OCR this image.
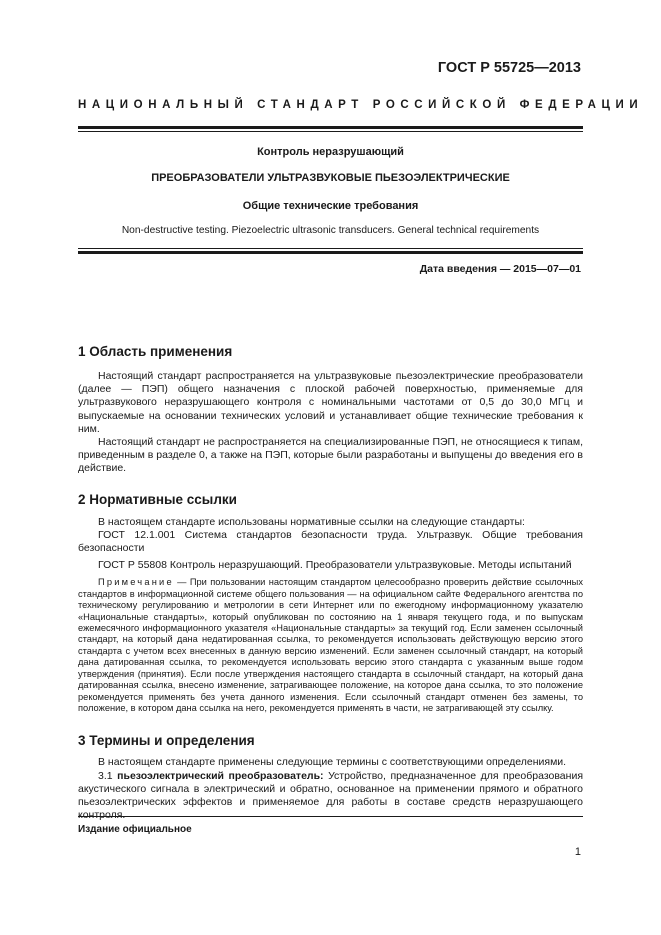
ГОСТ Р 55725—2013
НАЦИОНАЛЬНЫЙ СТАНДАРТ РОССИЙСКОЙ ФЕДЕРАЦИИ
Контроль неразрушающий
ПРЕОБРАЗОВАТЕЛИ УЛЬТРАЗВУКОВЫЕ ПЬЕЗОЭЛЕКТРИЧЕСКИЕ
Общие технические требования
Non-destructive testing. Piezoelectric ultrasonic transducers. General technical requirements
Дата введения — 2015—07—01
1 Область применения

Настоящий стандарт распространяется на ультразвуковые пьезоэлектрические преобразователи (далее — ПЭП) общего назначения с плоской рабочей поверхностью, применяемые для ультразвукового неразрушающего контроля с номинальными частотами от 0,5 до 30,0 МГц и выпускаемые на основании технических условий и устанавливает общие технические требования к ним.

Настоящий стандарт не распространяется на специализированные ПЭП, не относящиеся к типам, приведенным в разделе 0, а также на ПЭП, которые были разработаны и выпущены до введения его в действие.

2 Нормативные ссылки

В настоящем стандарте использованы нормативные ссылки на следующие стандарты:

ГОСТ 12.1.001 Система стандартов безопасности труда. Ультразвук. Общие требования безопасности

ГОСТ Р 55808 Контроль неразрушающий. Преобразователи ультразвуковые. Методы испытаний

Примечание — При пользовании настоящим стандартом целесообразно проверить действие ссылочных стандартов в информационной системе общего пользования — на официальном сайте Федерального агентства по техническому регулированию и метрологии в сети Интернет или по ежегодному информационному указателю «Национальные стандарты», который опубликован по состоянию на 1 января текущего года, и по выпускам ежемесячного информационного указателя «Национальные стандарты» за текущий год. Если заменен ссылочный стандарт, на который дана недатированная ссылка, то рекомендуется использовать действующую версию этого стандарта с учетом всех внесенных в данную версию изменений. Если заменен ссылочный стандарт, на который дана датированная ссылка, то рекомендуется использовать версию этого стандарта с указанным выше годом утверждения (принятия). Если после утверждения настоящего стандарта в ссылочный стандарт, на который дана датированная ссылка, внесено изменение, затрагивающее положение, на которое дана ссылка, то это положение рекомендуется применять без учета данного изменения. Если ссылочный стандарт отменен без замены, то положение, в котором дана ссылка на него, рекомендуется применять в части, не затрагивающей эту ссылку.
3 Термины и определения

В настоящем стандарте применены следующие термины с соответствующими определениями.

3.1 пьезоэлектрический преобразователь: Устройство, предназначенное для преобразования акустического сигнала в электрический и обратно, основанное на применении прямого и обратного пьезоэлектрических эффектов и применяемое для работы в составе средств неразрушающего

Издание официальное
1
